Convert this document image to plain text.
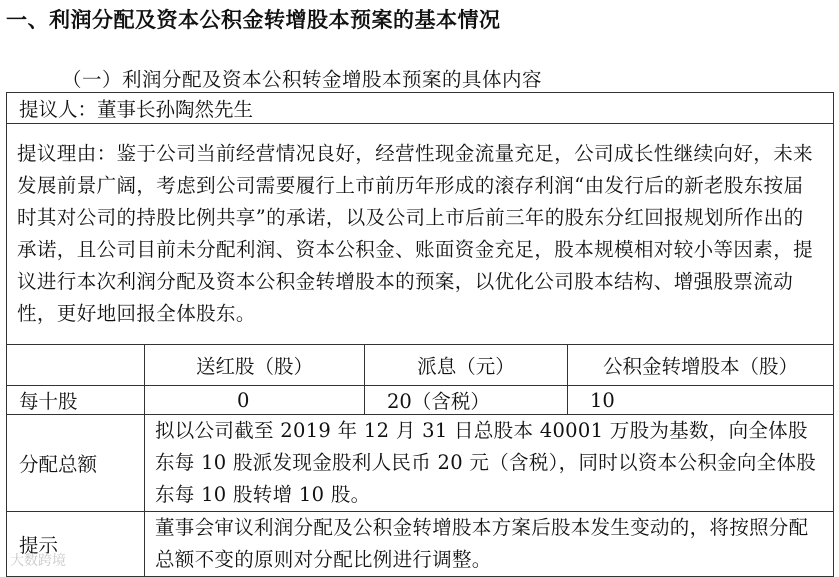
一、利润分配及资本公积金转增股本预案的基本情况
（一）利润分配及资本公积转金增股本预案的具体内容
提议人：董事长孙陶然先生			
提议理由：鉴于公司当前经营情况良好，经营性现金流量充足，公司成长性继续向好，未来发展前景广阔，考虑到公司需要履行上市前历年形成的滚存利润“由发行后的新老股东按届时其对公司的持股比例共享”的承诺，以及公司上市后前三年的股东分红回报规划所作出的承诺，且公司目前未分配利润、资本公积金、账面资金充足，股本规模相对较小等因素，提议进行本次利润分配及资本公积金转增股本的预案，以优化公司股本结构、增强股票流动性，更好地回报全体股东。			
	送红股（股）	派息（元）	公积金转增股本（股）
每十股	0	20（含税）	10
分配总额	拟以公司截至 2019 年 12 月 31 日总股本 40001 万股为基数，向全体股东每 10 股派发现金股利人民币 20 元（含税），同时以资本公积金向全体股东每 10 股转增 10 股。		
提示	董事会审议利润分配及公积金转增股本方案后股本发生变动的，将按照分配总额不变的原则对分配比例进行调整。		
大数跨境
